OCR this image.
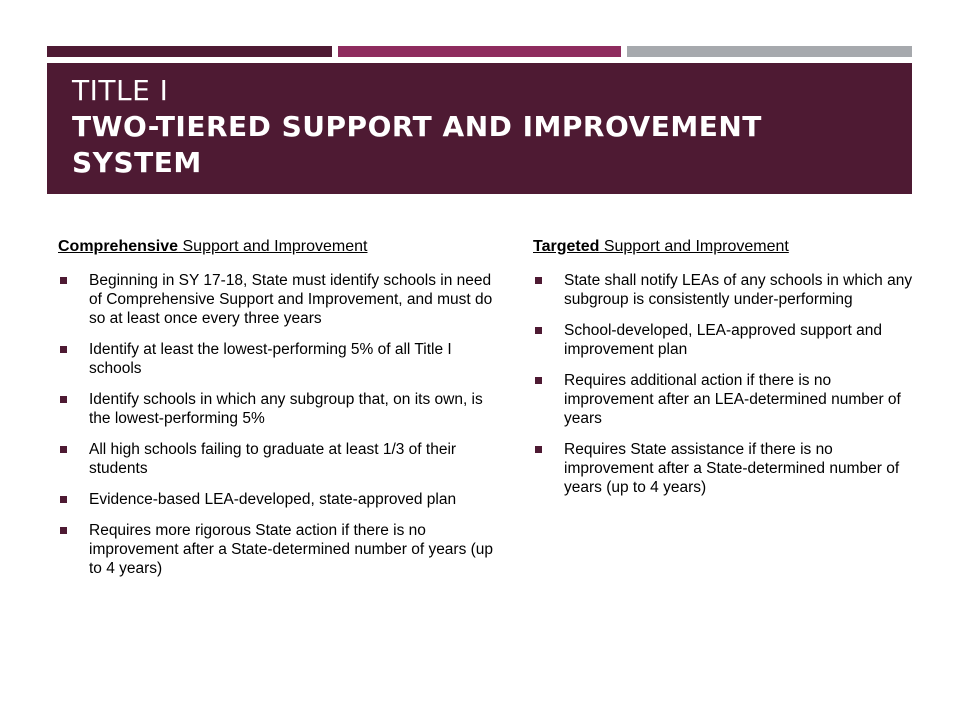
TITLE I
TWO-TIERED SUPPORT AND IMPROVEMENT
SYSTEM
Comprehensive Support and Improvement
Beginning in SY 17-18, State must identify schools in need of Comprehensive Support and Improvement, and must do so at least once every three years
Identify at least the lowest-performing 5% of all Title I schools
Identify schools in which any subgroup that, on its own, is the lowest-performing 5%
All high schools failing to graduate at least 1/3 of their students
Evidence-based LEA-developed, state-approved plan
Requires more rigorous State action if there is no improvement after a State-determined number of years (up to 4 years)
Targeted Support and Improvement
State shall notify LEAs of any schools in which any subgroup is consistently under-performing
School-developed, LEA-approved support and improvement plan
Requires additional action if there is no improvement after an LEA-determined number of years
Requires State assistance if there is no improvement after a State-determined number of years (up to 4 years)
